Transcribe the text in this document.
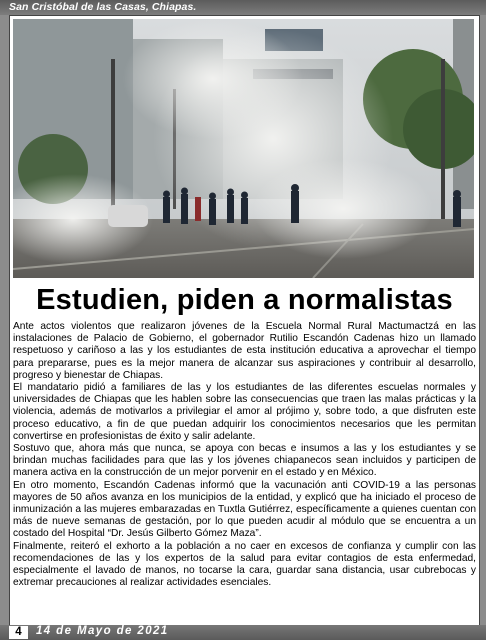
San Cristóbal de las Casas, Chiapas.
Estudien, piden a normalistas

Ante actos violentos que realizaron jóvenes de la Escuela Normal Rural Mactumactzá en las instalaciones de Palacio de Gobierno, el gobernador Rutilio Escandón Cadenas hizo un llamado respetuoso y cariñoso a las y los estudiantes de esta institución educativa a aprovechar el tiempo para prepararse, pues es la mejor manera de alcanzar sus aspiraciones y contribuir al desarrollo, progreso y bienestar de Chiapas.

El mandatario pidió a familiares de las y los estudiantes de las diferentes escuelas normales y universidades de Chiapas que les hablen sobre las consecuencias que traen las malas prácticas y la violencia, además de motivarlos a privilegiar el amor al prójimo y, sobre todo, a que disfruten este proceso educativo, a fin de que puedan adquirir los conocimientos necesarios que les permitan convertirse en profesionistas de éxito y salir adelante.

Sostuvo que, ahora más que nunca, se apoya con becas e insumos a las y los estudiantes y se brindan muchas facilidades para que las y los jóvenes chiapanecos sean incluidos y participen de manera activa en la construcción de un mejor porvenir en el estado y en México.

En otro momento, Escandón Cadenas informó que la vacunación anti COVID-19 a las personas mayores de 50 años avanza en los municipios de la entidad, y explicó que ha iniciado el proceso de inmunización a las mujeres embarazadas en Tuxtla Gutiérrez, específicamente a quienes cuentan con más de nueve semanas de gestación, por lo que pueden acudir al módulo que se encuentra a un costado del Hospital “Dr. Jesús Gilberto Gómez Maza”.

Finalmente, reiteró el exhorto a la población a no caer en excesos de confianza y cumplir con las recomendaciones de las y los expertos de la salud para evitar contagios de esta enfermedad, especialmente el lavado de manos, no tocarse la cara, guardar sana distancia, usar cubrebocas y extremar precauciones al realizar actividades esenciales.

4	14 de Mayo de 2021
